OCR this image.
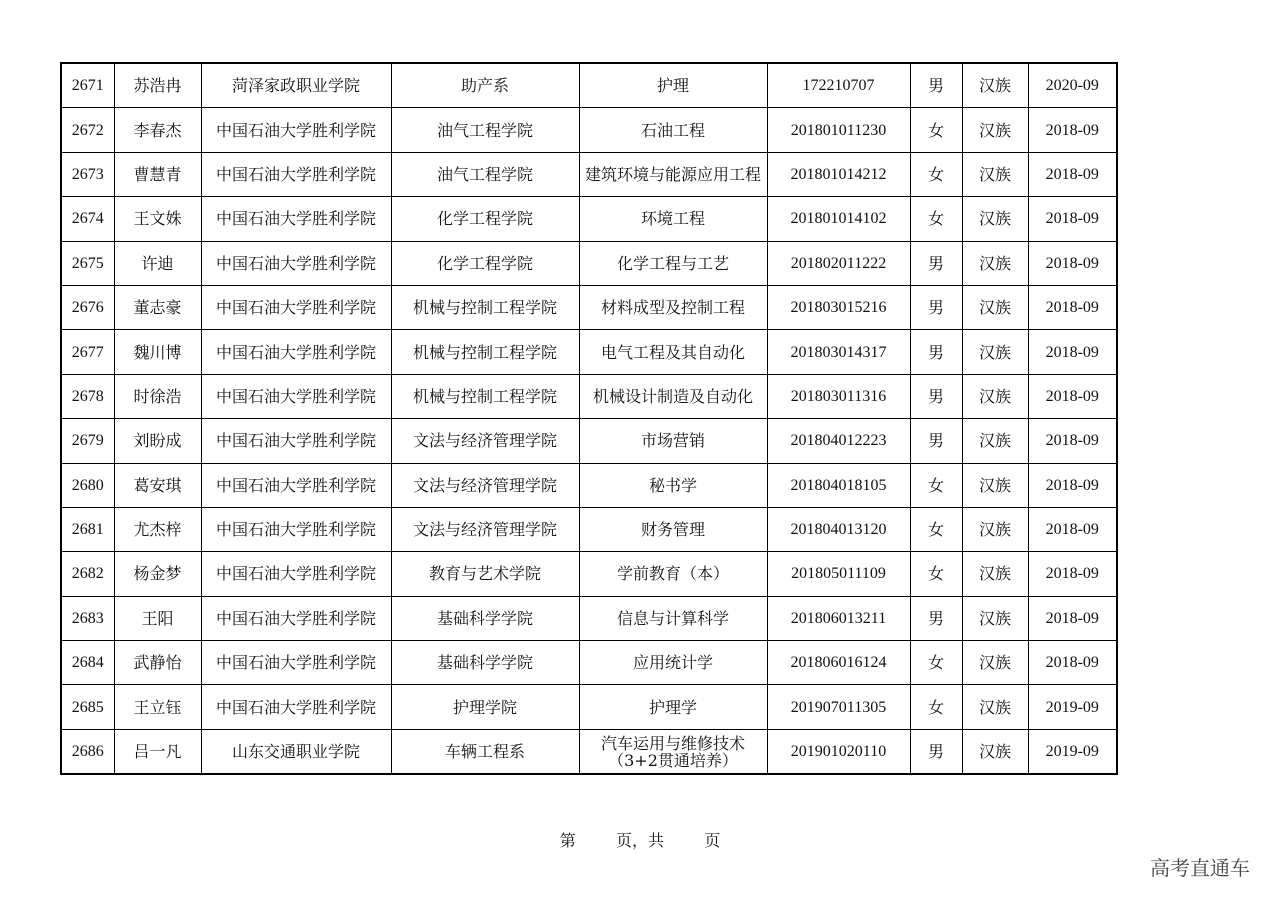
2671	苏浩冉	菏泽家政职业学院	助产系	护理	172210707	男	汉族	2020-09
2672	李春杰	中国石油大学胜利学院	油气工程学院	石油工程	201801011230	女	汉族	2018-09
2673	曹慧青	中国石油大学胜利学院	油气工程学院	建筑环境与能源应用工程	201801014212	女	汉族	2018-09
2674	王文姝	中国石油大学胜利学院	化学工程学院	环境工程	201801014102	女	汉族	2018-09
2675	许迪	中国石油大学胜利学院	化学工程学院	化学工程与工艺	201802011222	男	汉族	2018-09
2676	董志豪	中国石油大学胜利学院	机械与控制工程学院	材料成型及控制工程	201803015216	男	汉族	2018-09
2677	魏川博	中国石油大学胜利学院	机械与控制工程学院	电气工程及其自动化	201803014317	男	汉族	2018-09
2678	时徐浩	中国石油大学胜利学院	机械与控制工程学院	机械设计制造及自动化	201803011316	男	汉族	2018-09
2679	刘盼成	中国石油大学胜利学院	文法与经济管理学院	市场营销	201804012223	男	汉族	2018-09
2680	葛安琪	中国石油大学胜利学院	文法与经济管理学院	秘书学	201804018105	女	汉族	2018-09
2681	尤杰梓	中国石油大学胜利学院	文法与经济管理学院	财务管理	201804013120	女	汉族	2018-09
2682	杨金梦	中国石油大学胜利学院	教育与艺术学院	学前教育（本）	201805011109	女	汉族	2018-09
2683	王阳	中国石油大学胜利学院	基础科学学院	信息与计算科学	201806013211	男	汉族	2018-09
2684	武静怡	中国石油大学胜利学院	基础科学学院	应用统计学	201806016124	女	汉族	2018-09
2685	王立钰	中国石油大学胜利学院	护理学院	护理学	201907011305	女	汉族	2019-09
2686	吕一凡	山东交通职业学院	车辆工程系	汽车运用与维修技术（3+2贯通培养）	201901020110	男	汉族	2019-09
第	页，共	页
高考直通车
